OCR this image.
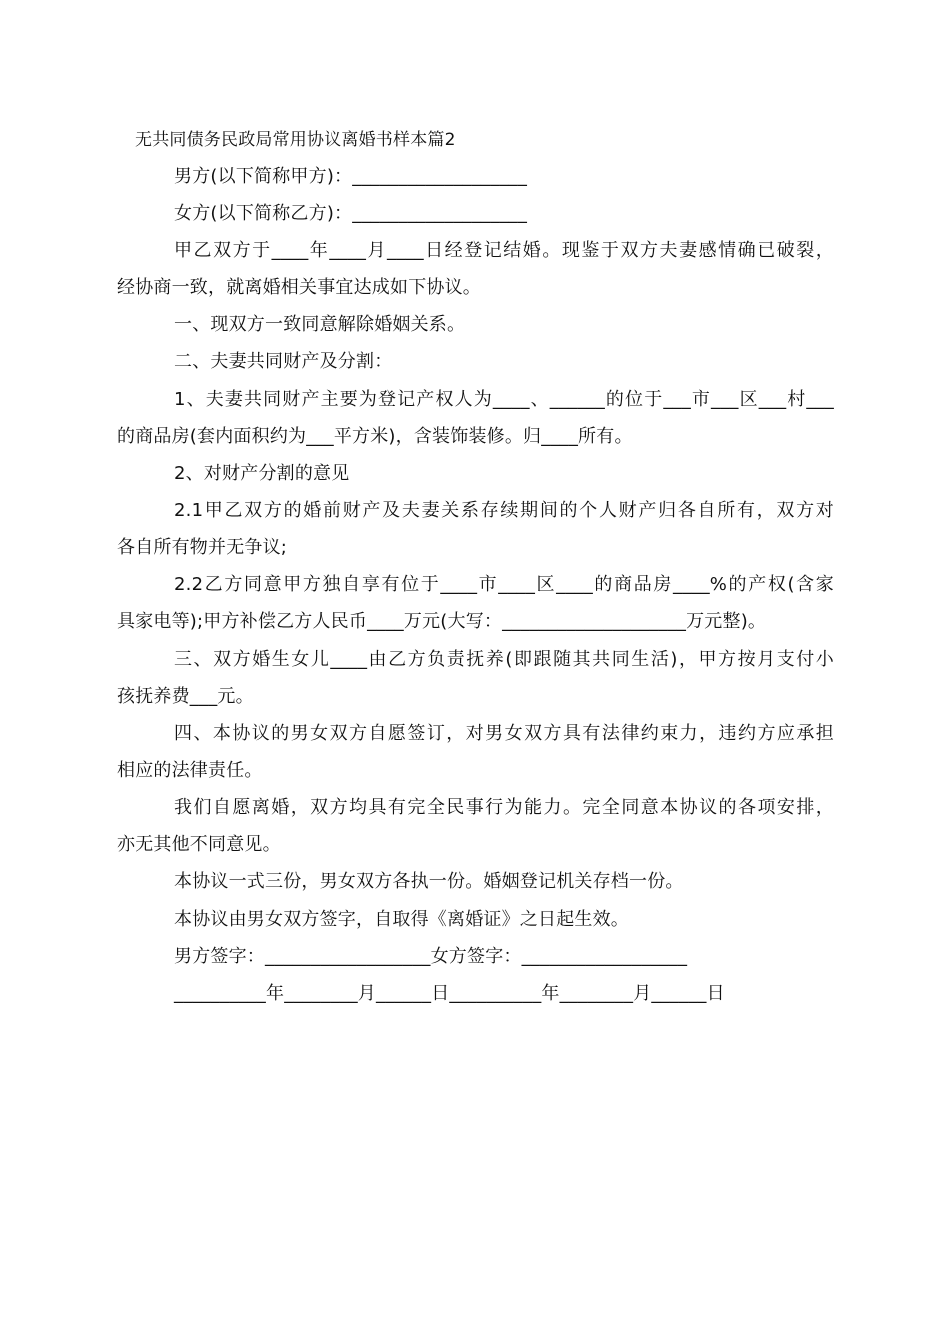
无共同债务民政局常用协议离婚书样本篇2
男方(以下简称甲方)：___________________
女方(以下简称乙方)：___________________
甲乙双方于____年____月____日经登记结婚。现鉴于双方夫妻感情确已破裂，
经协商一致，就离婚相关事宜达成如下协议。
一、现双方一致同意解除婚姻关系。
二、夫妻共同财产及分割：
1、夫妻共同财产主要为登记产权人为____、______的位于___市___区___村___
的商品房(套内面积约为___平方米)，含装饰装修。归____所有。
2、对财产分割的意见
2.1甲乙双方的婚前财产及夫妻关系存续期间的个人财产归各自所有，双方对
各自所有物并无争议;
2.2乙方同意甲方独自享有位于____市____区____的商品房____%的产权(含家
具家电等);甲方补偿乙方人民币____万元(大写：____________________万元整)。
三、双方婚生女儿____由乙方负责抚养(即跟随其共同生活)，甲方按月支付小
孩抚养费___元。
四、本协议的男女双方自愿签订，对男女双方具有法律约束力，违约方应承担
相应的法律责任。
我们自愿离婚，双方均具有完全民事行为能力。完全同意本协议的各项安排，
亦无其他不同意见。
本协议一式三份，男女双方各执一份。婚姻登记机关存档一份。
本协议由男女双方签字，自取得《离婚证》之日起生效。
男方签字：__________________女方签字：__________________
__________年________月______日__________年________月______日
